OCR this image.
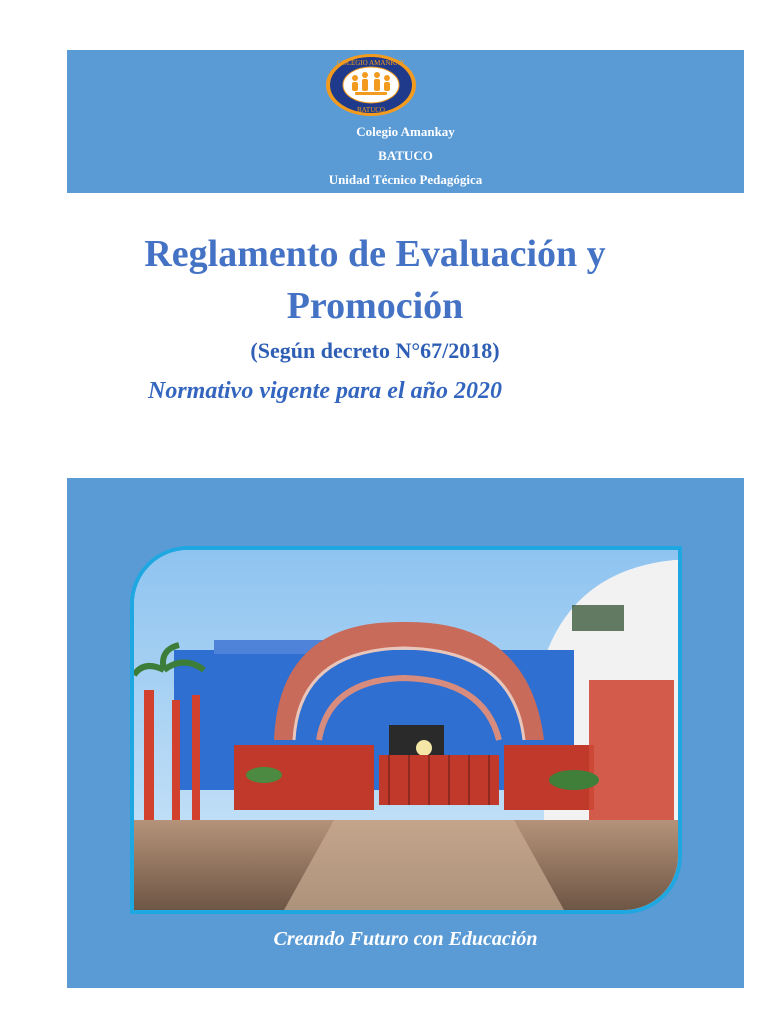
COLEGIO AMANKAY
BATUCO
Colegio Amankay
BATUCO
Unidad Técnico Pedagógica
Reglamento de Evaluación y
Promoción
(Según decreto N°67/2018)
Normativo vigente para el año 2020
Creando Futuro con Educación
